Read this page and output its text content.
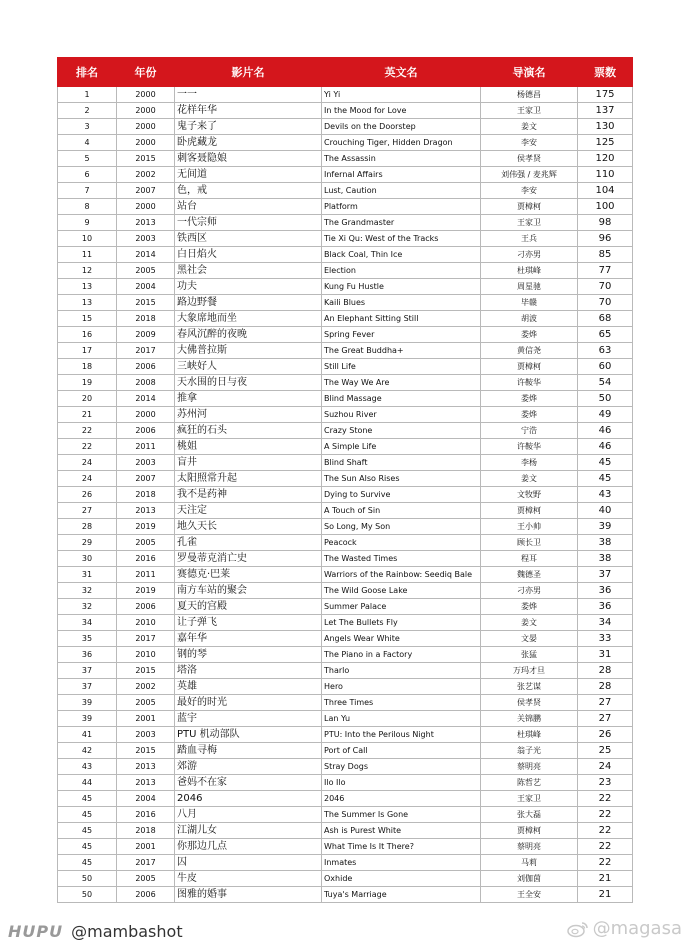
排名	年份	影片名	英文名	导演名	票数
1	2000	一一	Yi Yi	杨德昌	175
2	2000	花样年华	In the Mood for Love	王家卫	137
3	2000	鬼子来了	Devils on the Doorstep	姜文	130
4	2000	卧虎藏龙	Crouching Tiger, Hidden Dragon	李安	125
5	2015	刺客聂隐娘	The Assassin	侯孝贤	120
6	2002	无间道	Infernal Affairs	刘伟强 / 麦兆辉	110
7	2007	色，戒	Lust, Caution	李安	104
8	2000	站台	Platform	贾樟柯	100
9	2013	一代宗师	The Grandmaster	王家卫	98
10	2003	铁西区	Tie Xi Qu: West of the Tracks	王兵	96
11	2014	白日焰火	Black Coal, Thin Ice	刁亦男	85
12	2005	黑社会	Election	杜琪峰	77
13	2004	功夫	Kung Fu Hustle	周星驰	70
13	2015	路边野餐	Kaili Blues	毕赣	70
15	2018	大象席地而坐	An Elephant Sitting Still	胡波	68
16	2009	春风沉醉的夜晚	Spring Fever	娄烨	65
17	2017	大佛普拉斯	The Great Buddha+	黄信尧	63
18	2006	三峡好人	Still Life	贾樟柯	60
19	2008	天水围的日与夜	The Way We Are	许鞍华	54
20	2014	推拿	Blind Massage	娄烨	50
21	2000	苏州河	Suzhou River	娄烨	49
22	2006	疯狂的石头	Crazy Stone	宁浩	46
22	2011	桃姐	A Simple Life	许鞍华	46
24	2003	盲井	Blind Shaft	李杨	45
24	2007	太阳照常升起	The Sun Also Rises	姜文	45
26	2018	我不是药神	Dying to Survive	文牧野	43
27	2013	天注定	A Touch of Sin	贾樟柯	40
28	2019	地久天长	So Long, My Son	王小帅	39
29	2005	孔雀	Peacock	顾长卫	38
30	2016	罗曼蒂克消亡史	The Wasted Times	程耳	38
31	2011	赛德克·巴莱	Warriors of the Rainbow: Seediq Bale	魏德圣	37
32	2019	南方车站的聚会	The Wild Goose Lake	刁亦男	36
32	2006	夏天的宫殿	Summer Palace	娄烨	36
34	2010	让子弹飞	Let The Bullets Fly	姜文	34
35	2017	嘉年华	Angels Wear White	文晏	33
36	2010	钢的琴	The Piano in a Factory	张猛	31
37	2015	塔洛	Tharlo	万玛才旦	28
37	2002	英雄	Hero	张艺谋	28
39	2005	最好的时光	Three Times	侯孝贤	27
39	2001	蓝宇	Lan Yu	关锦鹏	27
41	2003	PTU 机动部队	PTU: Into the Perilous Night	杜琪峰	26
42	2015	踏血寻梅	Port of Call	翁子光	25
43	2013	郊游	Stray Dogs	蔡明亮	24
44	2013	爸妈不在家	Ilo Ilo	陈哲艺	23
45	2004	2046	2046	王家卫	22
45	2016	八月	The Summer Is Gone	张大磊	22
45	2018	江湖儿女	Ash is Purest White	贾樟柯	22
45	2001	你那边几点	What Time Is It There?	蔡明亮	22
45	2017	囚	Inmates	马莉	22
50	2005	牛皮	Oxhide	刘伽茵	21
50	2006	图雅的婚事	Tuya's Marriage	王全安	21
HUPU @mambashot	@magasa
